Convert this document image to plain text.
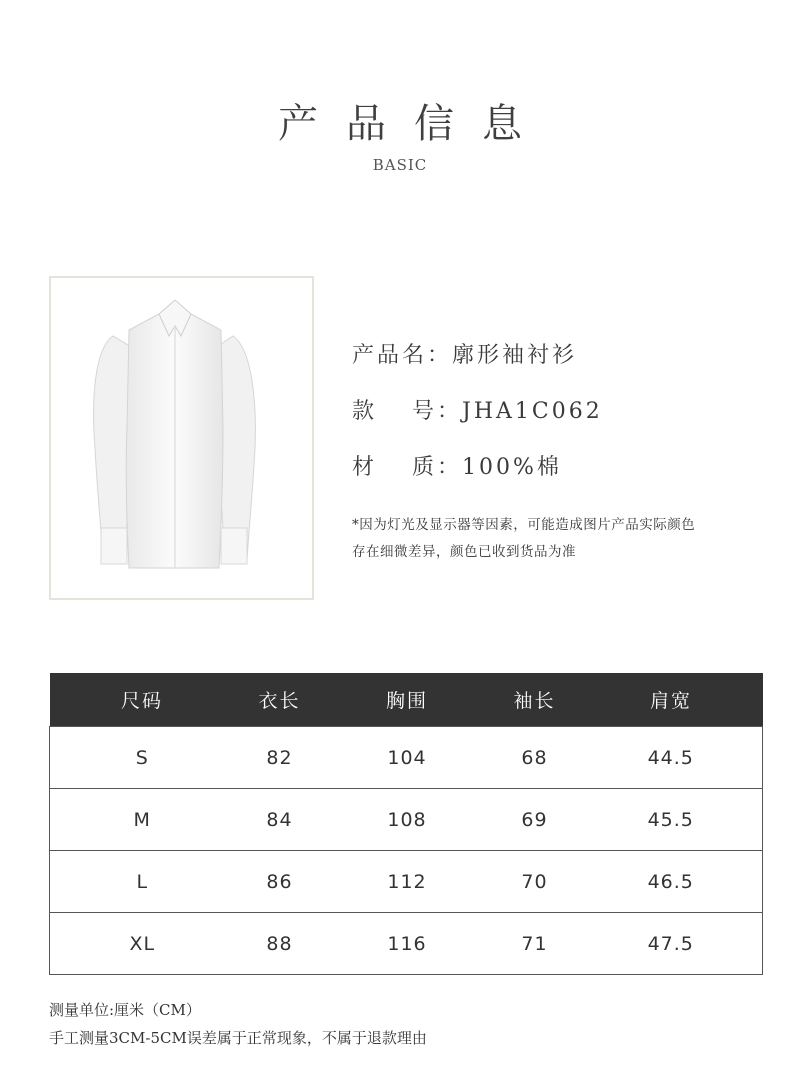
产品信息
BASIC
产品名：廓形袖衬衫
款　 号：JHA1C062
材　 质：100%棉
*因为灯光及显示器等因素，可能造成图片产品实际颜色
存在细微差异，颜色已收到货品为准
尺码	衣长	胸围	袖长	肩宽
S	82	104	68	44.5
M	84	108	69	45.5
L	86	112	70	46.5
XL	88	116	71	47.5
测量单位:厘米（CM）
手工测量3CM-5CM误差属于正常现象，不属于退款理由
